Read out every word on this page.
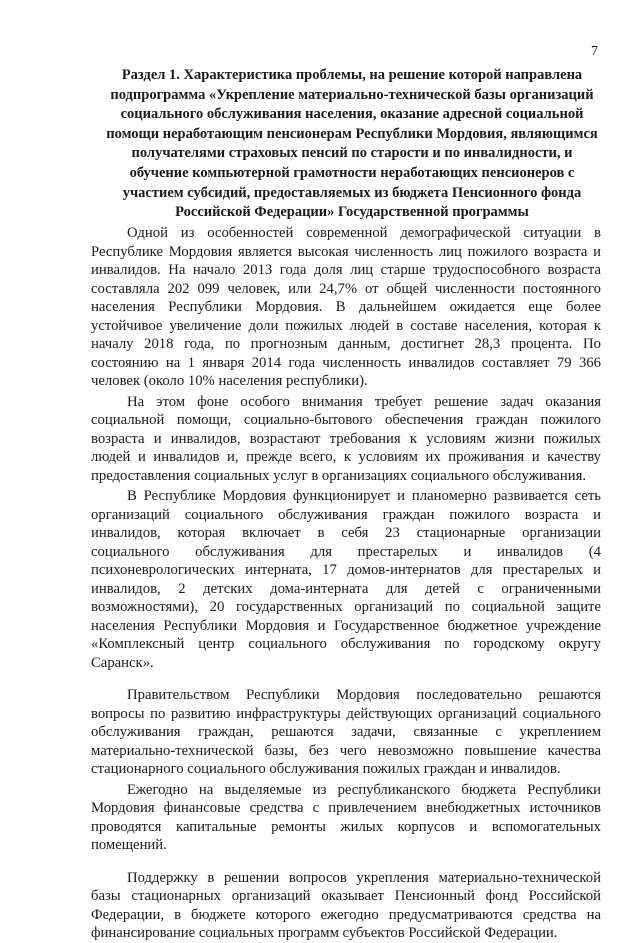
7
Раздел 1. Характеристика проблемы, на решение которой направлена
подпрограмма «Укрепление материально-технической базы организаций
социального обслуживания населения, оказание адресной социальной
помощи неработающим пенсионерам Республики Мордовия, являющимся
получателями страховых пенсий по старости и по инвалидности, и
обучение компьютерной грамотности неработающих пенсионеров с
участием субсидий, предоставляемых из бюджета Пенсионного фонда
Российской Федерации» Государственной программы

Одной из особенностей современной демографической ситуации в
Республике Мордовия является высокая численность лиц пожилого возраста и
инвалидов. На начало 2013 года доля лиц старше трудоспособного возраста
составляла 202 099 человек, или 24,7% от общей численности постоянного
населения Республики Мордовия. В дальнейшем ожидается еще более
устойчивое увеличение доли пожилых людей в составе населения, которая к
началу 2018 года, по прогнозным данным, достигнет 28,3 процента. По
состоянию на 1 января 2014 года численность инвалидов составляет 79 366
человек (около 10% населения республики).

На этом фоне особого внимания требует решение задач оказания
социальной помощи, социально-бытового обеспечения граждан пожилого
возраста и инвалидов, возрастают требования к условиям жизни пожилых
людей и инвалидов и, прежде всего, к условиям их проживания и качеству
предоставления социальных услуг в организациях социального обслуживания.

В Республике Мордовия функционирует и планомерно развивается сеть
организаций социального обслуживания граждан пожилого возраста и
инвалидов, которая включает в себя 23 стационарные организации
социального обслуживания для престарелых и инвалидов (4
психоневрологических интерната, 17 домов-интернатов для престарелых и
инвалидов, 2 детских дома-интерната для детей с ограниченными
возможностями), 20 государственных организаций по социальной защите
населения Республики Мордовия и Государственное бюджетное учреждение
«Комплексный центр социального обслуживания по городскому округу
Саранск».

Правительством Республики Мордовия последовательно решаются
вопросы по развитию инфраструктуры действующих организаций социального
обслуживания граждан, решаются задачи, связанные с укреплением
материально-технической базы, без чего невозможно повышение качества
стационарного социального обслуживания пожилых граждан и инвалидов.

Ежегодно на выделяемые из республиканского бюджета Республики
Мордовия финансовые средства с привлечением внебюджетных источников
проводятся капитальные ремонты жилых корпусов и вспомогательных
помещений.

Поддержку в решении вопросов укрепления материально-технической
базы стационарных организаций оказывает Пенсионный фонд Российской
Федерации, в бюджете которого ежегодно предусматриваются средства на
финансирование социальных программ субъектов Российской Федерации.
